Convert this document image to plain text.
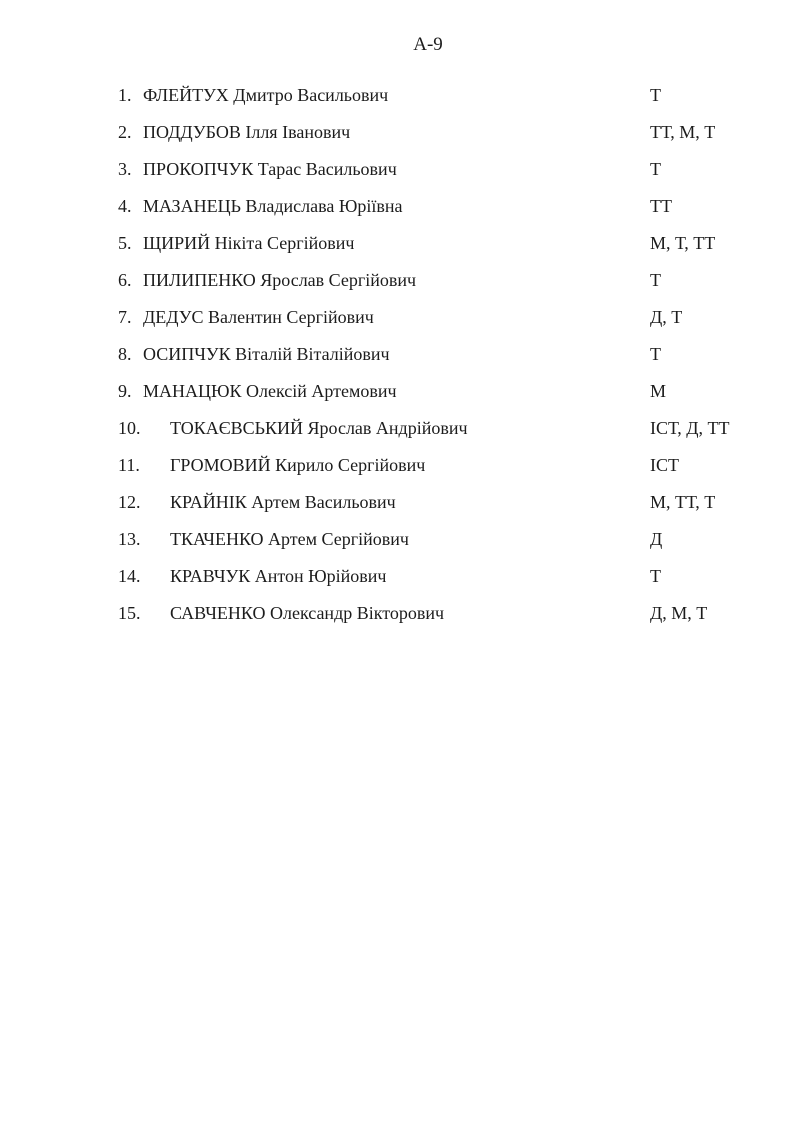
А-9
1. ФЛЕЙТУХ Дмитро Васильович	Т
2. ПОДДУБОВ Ілля Іванович	ТТ, М, Т
3. ПРОКОПЧУК Тарас Васильович	Т
4. МАЗАНЕЦЬ Владислава Юріївна	ТТ
5. ЩИРИЙ Нікіта Сергійович	М, Т, ТТ
6. ПИЛИПЕНКО Ярослав Сергійович	Т
7. ДЕДУС Валентин Сергійович	Д, Т
8. ОСИПЧУК Віталій Віталійович	Т
9. МАНАЦЮК Олексій Артемович	М
10. ТОКАЄВСЬКИЙ Ярослав Андрійович	ІСТ, Д, ТТ
11. ГРОМОВИЙ Кирило Сергійович	ІСТ
12. КРАЙНІК Артем Васильович	М, ТТ, Т
13. ТКАЧЕНКО Артем Сергійович	Д
14. КРАВЧУК Антон Юрійович	Т
15. САВЧЕНКО Олександр Вікторович	Д, М, Т
